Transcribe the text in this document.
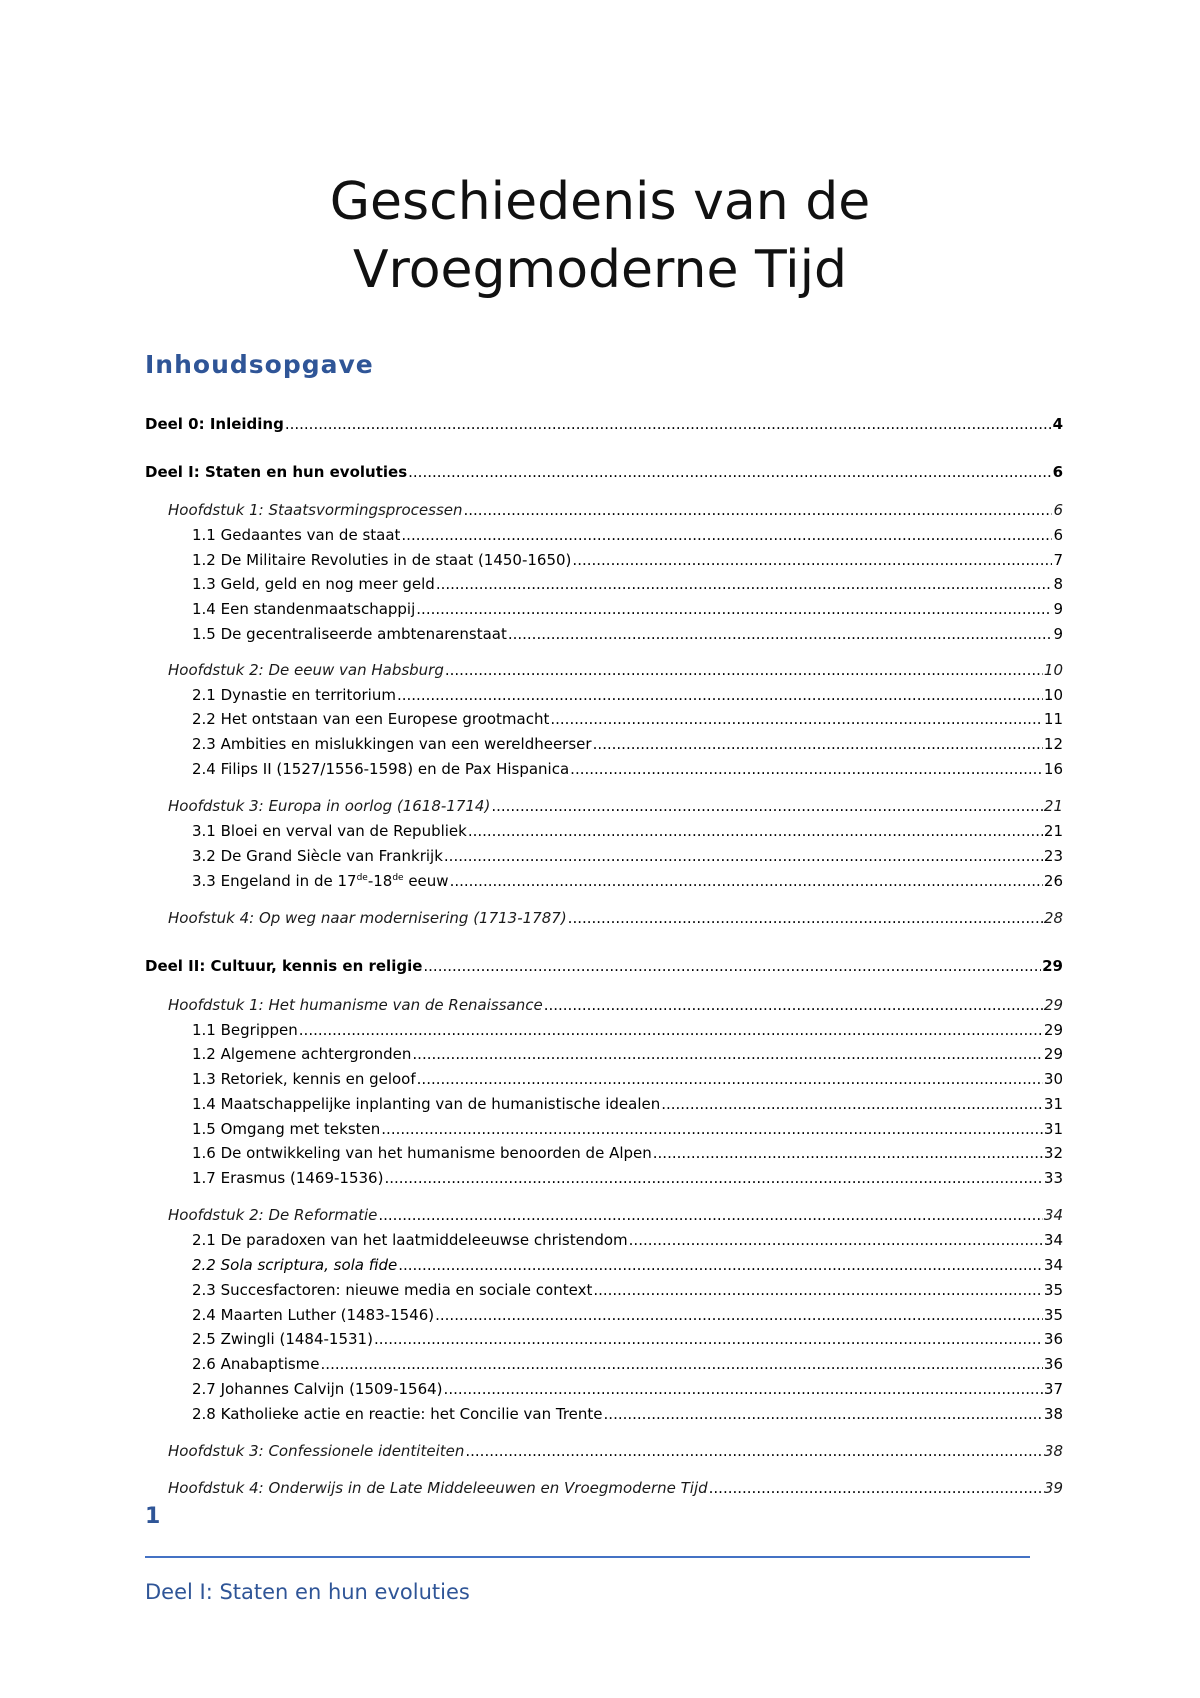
Geschiedenis van de
Vroegmoderne Tijd
Inhoudsopgave
Deel 0: Inleiding .....	4
Deel I: Staten en hun evoluties .....	6
Hoofdstuk 1: Staatsvormingsprocessen .....	6
1.1 Gedaantes van de staat .....	6
1.2 De Militaire Revoluties in de staat (1450-1650) .....	7
1.3 Geld, geld en nog meer geld .....	8
1.4 Een standenmaatschappij .....	9
1.5 De gecentraliseerde ambtenarenstaat .....	9
Hoofdstuk 2: De eeuw van Habsburg .....	10
2.1 Dynastie en territorium .....	10
2.2 Het ontstaan van een Europese grootmacht .....	11
2.3 Ambities en mislukkingen van een wereldheerser .....	12
2.4 Filips II (1527/1556-1598) en de Pax Hispanica .....	16
Hoofdstuk 3: Europa in oorlog (1618-1714) .....	21
3.1 Bloei en verval van de Republiek .....	21
3.2 De Grand Siècle van Frankrijk .....	23
3.3 Engeland in de 17de-18de eeuw .....	26
Hoofstuk 4: Op weg naar modernisering (1713-1787) .....	28
Deel II: Cultuur, kennis en religie .....	29
Hoofdstuk 1: Het humanisme van de Renaissance .....	29
1.1 Begrippen .....	29
1.2 Algemene achtergronden .....	29
1.3 Retoriek, kennis en geloof .....	30
1.4 Maatschappelijke inplanting van de humanistische idealen .....	31
1.5 Omgang met teksten .....	31
1.6 De ontwikkeling van het humanisme benoorden de Alpen .....	32
1.7 Erasmus (1469-1536) .....	33
Hoofdstuk 2: De Reformatie .....	34
2.1 De paradoxen van het laatmiddeleeuwse christendom .....	34
2.2 Sola scriptura, sola fide .....	34
2.3 Succesfactoren: nieuwe media en sociale context .....	35
2.4 Maarten Luther (1483-1546) .....	35
2.5 Zwingli (1484-1531) .....	36
2.6 Anabaptisme .....	36
2.7 Johannes Calvijn (1509-1564) .....	37
2.8 Katholieke actie en reactie: het Concilie van Trente .....	38
Hoofdstuk 3: Confessionele identiteiten .....	38
Hoofdstuk 4: Onderwijs in de Late Middeleeuwen en Vroegmoderne Tijd .....	39
1
Deel I: Staten en hun evoluties
